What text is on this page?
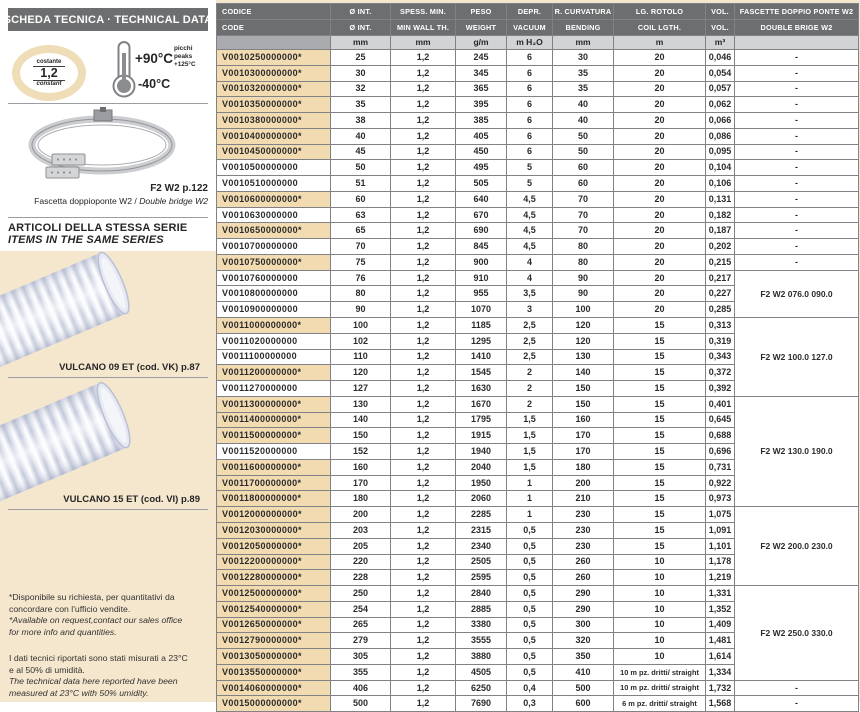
SCHEDA TECNICA · TECHNICAL DATA
costante
1,2
constant
+90°C
picchi
peaks
+125°C
-40°C
F2 W2 p.122
Fascetta doppioponte W2 / Double bridge W2
ARTICOLI DELLA STESSA SERIE
ITEMS IN THE SAME SERIES
VULCANO 09 ET (cod. VK) p.87
VULCANO 15 ET (cod. VI) p.89
*Disponibile su richiesta, per quantitativi da
concordare con l'ufficio vendite.
*Available on request,contact our sales office
for more info and quantities.
I dati tecnici riportati sono stati misurati a 23°C
e al 50% di umidità.
The technical data here reported have been
measured at 23°C with 50% umidity.
CODICE	Ø INT.	SPESS. MIN.	PESO	DEPR.	R. CURVATURA	LG. ROTOLO	VOL.	FASCETTE DOPPIO PONTE W2
CODE	Ø INT.	MIN WALL TH.	WEIGHT	VACUUM	BENDING	COIL LGTH.	VOL.	DOUBLE BRIGE W2
	mm	mm	g/m	m H₂O	mm	m	m³	
V0010250000000*	25	1,2	245	6	30	20	0,046	-
V0010300000000*	30	1,2	345	6	35	20	0,054	-
V0010320000000*	32	1,2	365	6	35	20	0,057	-
V0010350000000*	35	1,2	395	6	40	20	0,062	-
V0010380000000*	38	1,2	385	6	40	20	0,066	-
V0010400000000*	40	1,2	405	6	50	20	0,086	-
V0010450000000*	45	1,2	450	6	50	20	0,095	-
V0010500000000	50	1,2	495	5	60	20	0,104	-
V0010510000000	51	1,2	505	5	60	20	0,106	-
V0010600000000*	60	1,2	640	4,5	70	20	0,131	-
V0010630000000	63	1,2	670	4,5	70	20	0,182	-
V0010650000000*	65	1,2	690	4,5	70	20	0,187	-
V0010700000000	70	1,2	845	4,5	80	20	0,202	-
V0010750000000*	75	1,2	900	4	80	20	0,215	-
V0010760000000	76	1,2	910	4	90	20	0,217	F2 W2 076.0 090.0
V0010800000000	80	1,2	955	3,5	90	20	0,227	
V0010900000000	90	1,2	1070	3	100	20	0,285	
V0011000000000*	100	1,2	1185	2,5	120	15	0,313	F2 W2 100.0 127.0
V0011020000000	102	1,2	1295	2,5	120	15	0,319	
V0011100000000	110	1,2	1410	2,5	130	15	0,343	
V0011200000000*	120	1,2	1545	2	140	15	0,372	
V0011270000000	127	1,2	1630	2	150	15	0,392	
V0011300000000*	130	1,2	1670	2	150	15	0,401	F2 W2 130.0 190.0
V0011400000000*	140	1,2	1795	1,5	160	15	0,645	
V0011500000000*	150	1,2	1915	1,5	170	15	0,688	
V0011520000000	152	1,2	1940	1,5	170	15	0,696	
V0011600000000*	160	1,2	2040	1,5	180	15	0,731	
V0011700000000*	170	1,2	1950	1	200	15	0,922	
V0011800000000*	180	1,2	2060	1	210	15	0,973	
V0012000000000*	200	1,2	2285	1	230	15	1,075	F2 W2 200.0 230.0
V0012030000000*	203	1,2	2315	0,5	230	15	1,091	
V0012050000000*	205	1,2	2340	0,5	230	15	1,101	
V0012200000000*	220	1,2	2505	0,5	260	10	1,178	
V0012280000000*	228	1,2	2595	0,5	260	10	1,219	
V0012500000000*	250	1,2	2840	0,5	290	10	1,331	F2 W2 250.0 330.0
V0012540000000*	254	1,2	2885	0,5	290	10	1,352	
V0012650000000*	265	1,2	3380	0,5	300	10	1,409	
V0012790000000*	279	1,2	3555	0,5	320	10	1,481	
V0013050000000*	305	1,2	3880	0,5	350	10	1,614	
V0013550000000*	355	1,2	4505	0,5	410	10 m pz. dritti/ straight	1,334	
V0014060000000*	406	1,2	6250	0,4	500	10 m pz. dritti/ straight	1,732	-
V0015000000000*	500	1,2	7690	0,3	600	6 m pz. dritti/ straight	1,568	-
